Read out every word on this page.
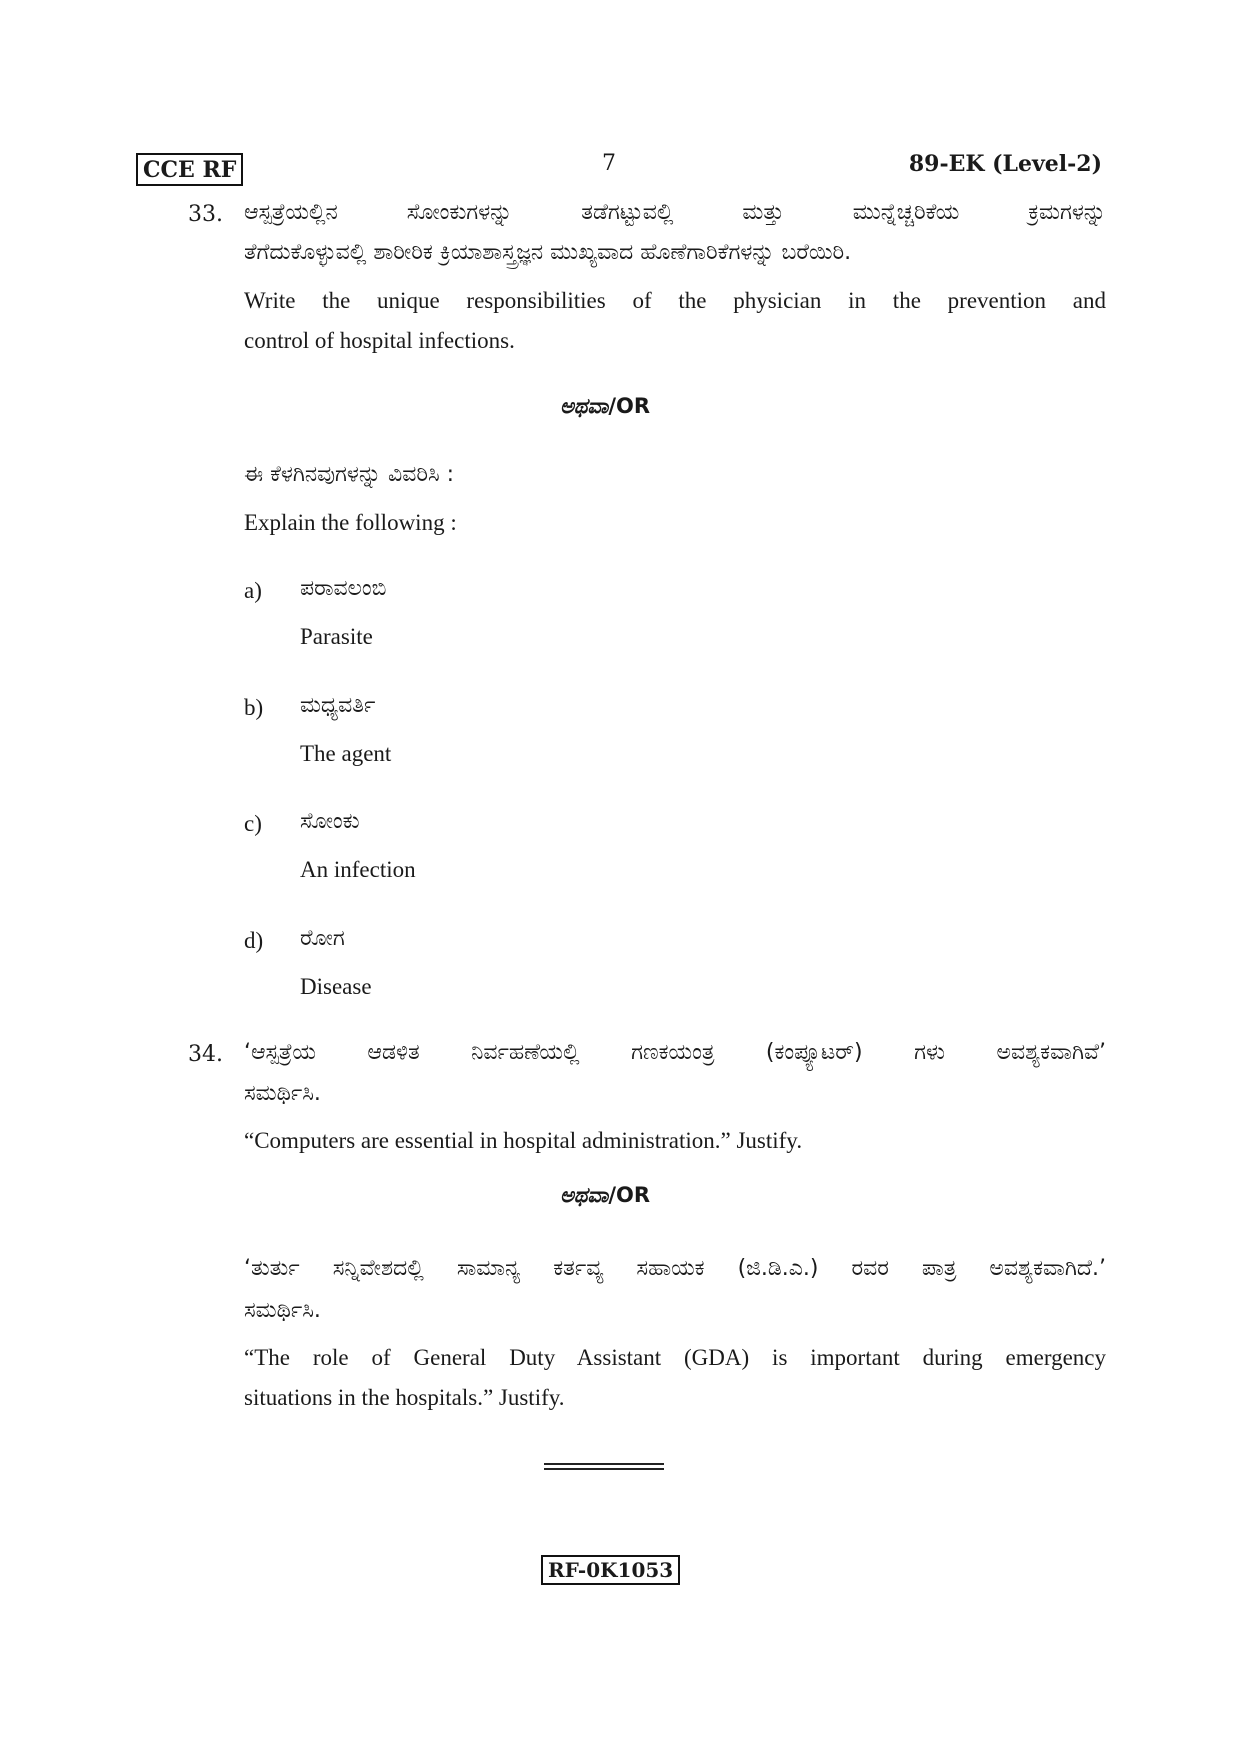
CCE RF	7	89-EK (Level-2)
33. ಆಸ್ಪತ್ರೆಯಲ್ಲಿನ ಸೋಂಕುಗಳನ್ನು ತಡೆಗಟ್ಟುವಲ್ಲಿ ಮತ್ತು ಮುನ್ನೆಚ್ಚರಿಕೆಯ ಕ್ರಮಗಳನ್ನು
ತೆಗೆದುಕೊಳ್ಳುವಲ್ಲಿ ಶಾರೀರಿಕ ಕ್ರಿಯಾಶಾಸ್ತ್ರಜ್ಞನ ಮುಖ್ಯವಾದ ಹೊಣೆಗಾರಿಕೆಗಳನ್ನು ಬರೆಯಿರಿ.
Write the unique responsibilities of the physician in the prevention and
control of hospital infections.
ಅಥವಾ/OR
ಈ ಕೆಳಗಿನವುಗಳನ್ನು ವಿವರಿಸಿ :
Explain the following :
a) ಪರಾವಲಂಬಿ
Parasite
b) ಮಧ್ಯವರ್ತಿ
The agent
c) ಸೋಂಕು
An infection
d) ರೋಗ
Disease
34. ‘ಆಸ್ಪತ್ರೆಯ ಆಡಳಿತ ನಿರ್ವಹಣೆಯಲ್ಲಿ ಗಣಕಯಂತ್ರ (ಕಂಪ್ಯೂಟರ್) ಗಳು ಅವಶ್ಯಕವಾಗಿವೆ’
ಸಮರ್ಥಿಸಿ.
“Computers are essential in hospital administration.” Justify.
ಅಥವಾ/OR
‘ತುರ್ತು ಸನ್ನಿವೇಶದಲ್ಲಿ ಸಾಮಾನ್ಯ ಕರ್ತವ್ಯ ಸಹಾಯಕ (ಜಿ.ಡಿ.ಎ.) ರವರ ಪಾತ್ರ ಅವಶ್ಯಕವಾಗಿದೆ.’
ಸಮರ್ಥಿಸಿ.
“The role of General Duty Assistant (GDA) is important during emergency
situations in the hospitals.” Justify.
RF-0K1053
